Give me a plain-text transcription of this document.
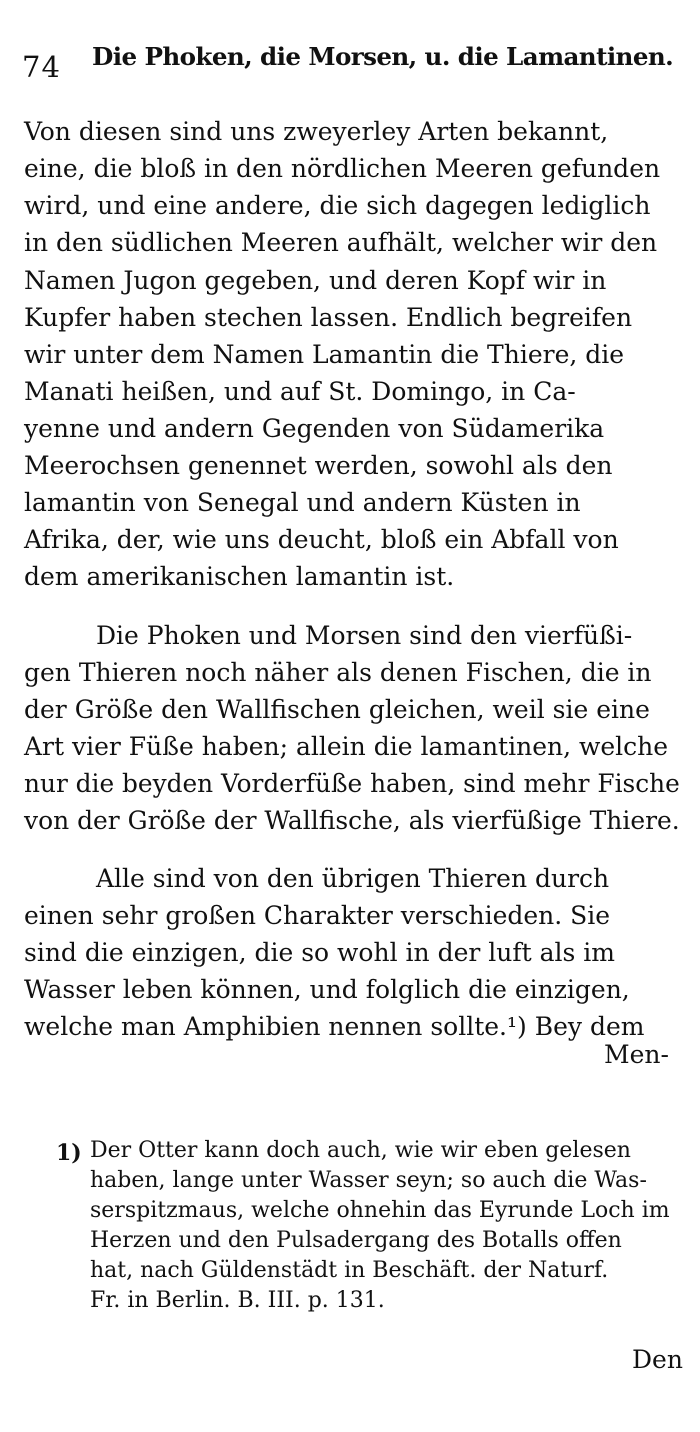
74 Die Phoken, die Morsen, u. die Lamantinen.
Von diesen sind uns zweyerley Arten bekannt,
eine, die bloß in den nördlichen Meeren gefunden
wird, und eine andere, die sich dagegen lediglich
in den südlichen Meeren aufhält, welcher wir den
Namen Jugon gegeben, und deren Kopf wir in
Kupfer haben stechen lassen. Endlich begreifen
wir unter dem Namen Lamantin die Thiere, die
Manati heißen, und auf St. Domingo, in Ca-
yenne und andern Gegenden von Südamerika
Meerochsen genennet werden, sowohl als den
lamantin von Senegal und andern Küsten in
Afrika, der, wie uns deucht, bloß ein Abfall von
dem amerikanischen lamantin ist.
Die Phoken und Morsen sind den vierfüßi-
gen Thieren noch näher als denen Fischen, die in
der Größe den Wallfischen gleichen, weil sie eine
Art vier Füße haben; allein die lamantinen, welche
nur die beyden Vorderfüße haben, sind mehr Fische
von der Größe der Wallfische, als vierfüßige Thiere.
Alle sind von den übrigen Thieren durch
einen sehr großen Charakter verschieden. Sie
sind die einzigen, die so wohl in der luft als im
Wasser leben können, und folglich die einzigen,
welche man Amphibien nennen sollte.¹) Bey dem
Men-
1) Der Otter kann doch auch, wie wir eben gelesen
haben, lange unter Wasser seyn; so auch die Was-
serspitzmaus, welche ohnehin das Eyrunde Loch im
Herzen und den Pulsadergang des Botalls offen
hat, nach Güldenstädt in Beschäft. der Naturf.
Fr. in Berlin. B. III. p. 131.
Den
